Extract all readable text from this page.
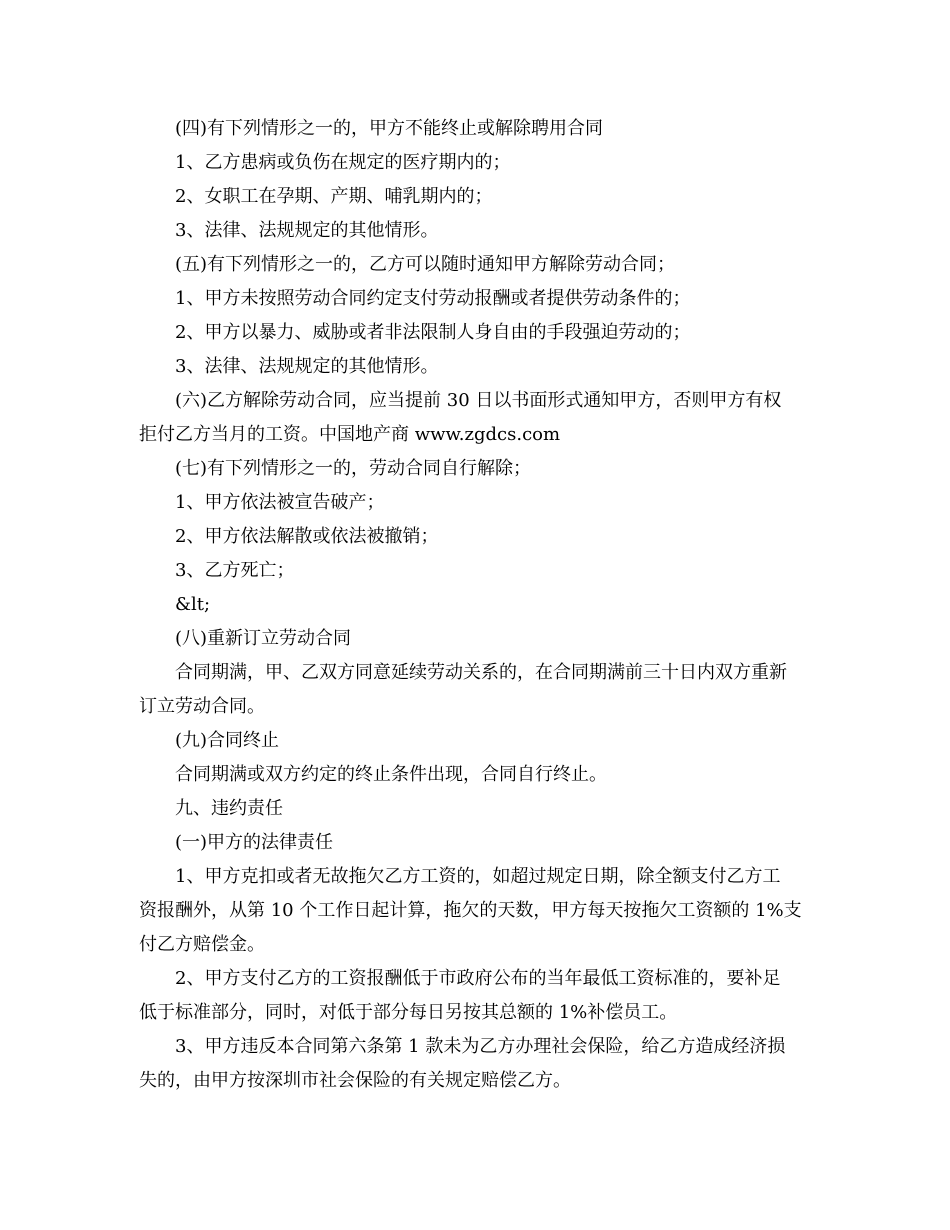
(四)有下列情形之一的，甲方不能终止或解除聘用合同
1、乙方患病或负伤在规定的医疗期内的；
2、女职工在孕期、产期、哺乳期内的；
3、法律、法规规定的其他情形。
(五)有下列情形之一的，乙方可以随时通知甲方解除劳动合同；
1、甲方未按照劳动合同约定支付劳动报酬或者提供劳动条件的；
2、甲方以暴力、威胁或者非法限制人身自由的手段强迫劳动的；
3、法律、法规规定的其他情形。
(六)乙方解除劳动合同，应当提前 30 日以书面形式通知甲方，否则甲方有权
拒付乙方当月的工资。中国地产商 www.zgdcs.com
(七)有下列情形之一的，劳动合同自行解除；
1、甲方依法被宣告破产；
2、甲方依法解散或依法被撤销；
3、乙方死亡；
&lt;
(八)重新订立劳动合同
合同期满，甲、乙双方同意延续劳动关系的，在合同期满前三十日内双方重新
订立劳动合同。
(九)合同终止
合同期满或双方约定的终止条件出现，合同自行终止。
九、违约责任
(一)甲方的法律责任
1、甲方克扣或者无故拖欠乙方工资的，如超过规定日期，除全额支付乙方工
资报酬外，从第 10 个工作日起计算，拖欠的天数，甲方每天按拖欠工资额的 1%支
付乙方赔偿金。
2、甲方支付乙方的工资报酬低于市政府公布的当年最低工资标准的，要补足
低于标准部分，同时，对低于部分每日另按其总额的 1%补偿员工。
3、甲方违反本合同第六条第 1 款未为乙方办理社会保险，给乙方造成经济损
失的，由甲方按深圳市社会保险的有关规定赔偿乙方。
